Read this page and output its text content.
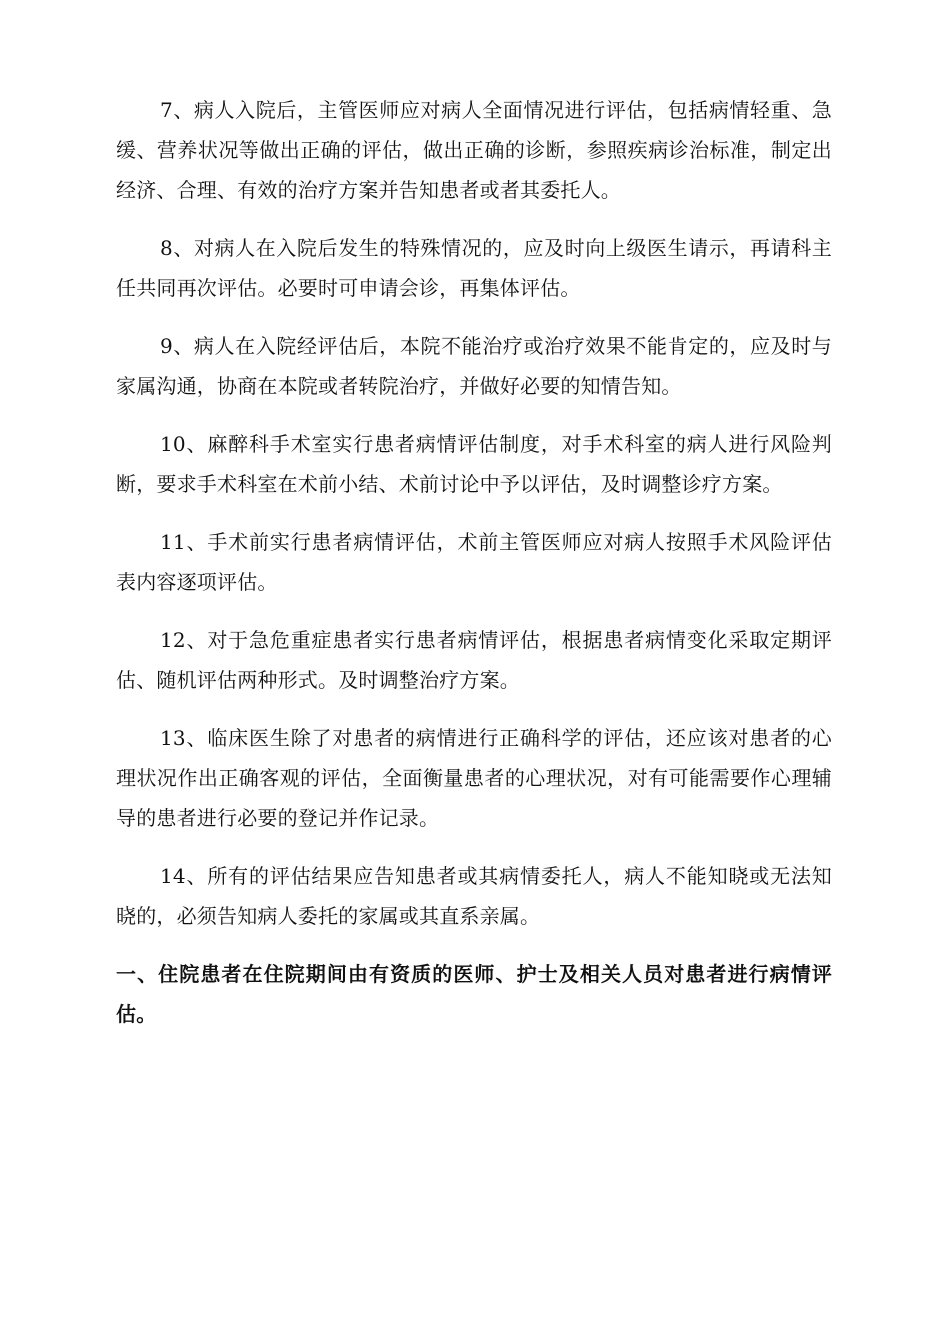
7、病人入院后，主管医师应对病人全面情况进行评估，包括病情轻重、急缓、营养状况等做出正确的评估，做出正确的诊断，参照疾病诊治标准，制定出经济、合理、有效的治疗方案并告知患者或者其委托人。

8、对病人在入院后发生的特殊情况的，应及时向上级医生请示，再请科主任共同再次评估。必要时可申请会诊，再集体评估。

9、病人在入院经评估后，本院不能治疗或治疗效果不能肯定的，应及时与家属沟通，协商在本院或者转院治疗，并做好必要的知情告知。

10、麻醉科手术室实行患者病情评估制度，对手术科室的病人进行风险判断，要求手术科室在术前小结、术前讨论中予以评估，及时调整诊疗方案。

11、手术前实行患者病情评估，术前主管医师应对病人按照手术风险评估表内容逐项评估。

12、对于急危重症患者实行患者病情评估，根据患者病情变化采取定期评估、随机评估两种形式。及时调整治疗方案。

13、临床医生除了对患者的病情进行正确科学的评估，还应该对患者的心理状况作出正确客观的评估，全面衡量患者的心理状况，对有可能需要作心理辅导的患者进行必要的登记并作记录。

14、所有的评估结果应告知患者或其病情委托人，病人不能知晓或无法知晓的，必须告知病人委托的家属或其直系亲属。

一、住院患者在住院期间由有资质的医师、护士及相关人员对患者进行病情评估。
